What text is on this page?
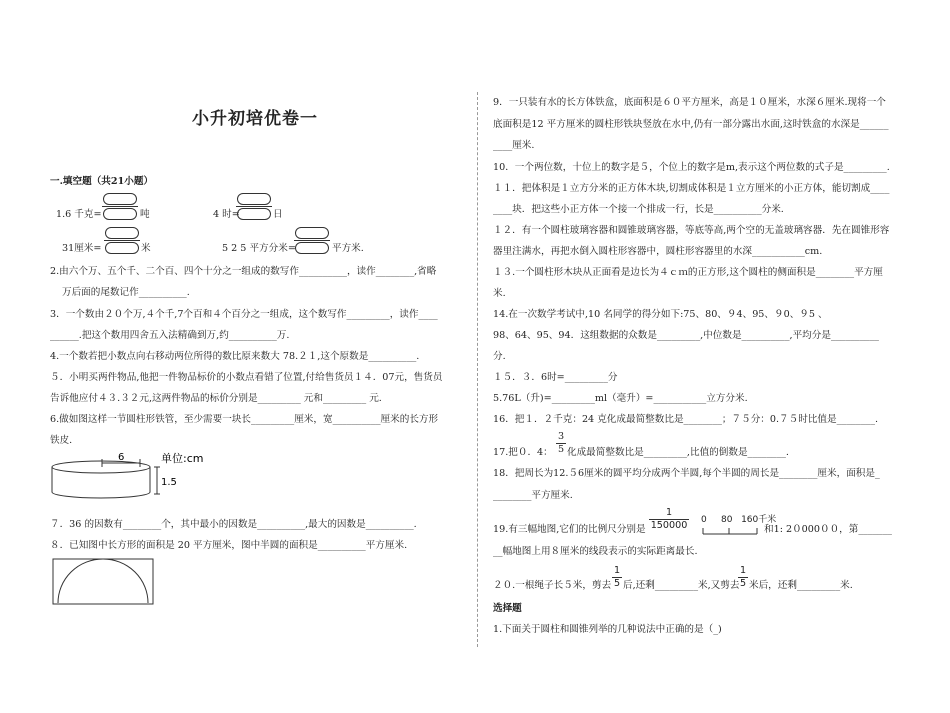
小升初培优卷一
一.填空题（共21小题）
1.6 千克=	吨	4 时=	日
31厘米=	米	5 2 5 平方分米=	平方米.
2.由六个万、五个千、二个百、四个十分之一组成的数写作__________，读作________,省略
万后面的尾数记作__________.
3．一个数由２０个万,４个千,7个百和４个百分之一组成，这个数写作_________，读作____
______.把这个数用四舍五入法精确到万,约__________万.
4.一个数若把小数点向右移动两位所得的数比原来数大 78.２１,这个原数是__________.
５．小明买两件物品,他把一件物品标价的小数点看错了位置,付给售货员１４．07元，售货员
告诉他应付４３.３２元,这两件物品的标价分别是_________ 元和_________ 元.
6.做如图这样一节圆柱形铁管，至少需要一块长_________厘米，宽__________厘米的长方形
铁皮.
6
1.5
单位:cm
７．36 的因数有________个，其中最小的因数是__________,最大的因数是__________.
８．已知图中长方形的面积是 20 平方厘米，图中半圆的面积是__________平方厘米.
9．一只装有水的长方体铁盒，底面积是６０平方厘米，高是１０厘米，水深６厘米.现将一个
底面积是12 平方厘米的圆柱形铁块竖放在水中,仍有一部分露出水面,这时铁盒的水深是______
____厘米.
10．一个两位数，十位上的数字是５，个位上的数字是m,表示这个两位数的式子是_________.
１１．把体积是１立方分米的正方体木块,切割成体积是１立方厘米的小正方体，能切割成____
____块．把这些小正方体一个接一个排成一行，长是__________分米.
１２．有一个圆柱玻璃容器和圆锥玻璃容器，等底等高,两个空的无盖玻璃容器．先在圆锥形容
器里注满水，再把水倒入圆柱形容器中，圆柱形容器里的水深___________cm.
１３.一个圆柱形木块从正面看是边长为４ｃｍ的正方形,这个圆柱的侧面积是________平方厘
米.
14.在一次数学考试中,10 名同学的得分如下:75、80、９4、95、９0、９5 、
98、64、95、94．这组数据的众数是_________,中位数是__________,平均分是__________
分.
１５．３．6时=_________分
5.76L（升)=_________ml（毫升）=___________立方分米.
16．把１．２千克：24 克化成最简整数比是________；７５分：0.７５时比值是________.
17.把０．4：
3
5 化成最简整数比是_________,比值的倒数是________.
18．把周长为12.５6厘米的圆平均分成两个半圆,每个半圆的周长是________厘米，面积是_
________平方厘米.
19.有三幅地图,它们的比例尺分别是
1
150000 0     80   160千米
和1: 2０000００，第_______
__幅地图上用８厘米的线段表示的实际距离最长.
２０.一根绳子长５米，剪去
1
5 后,还剩_________米,又剪去
1
5 米后，还剩_________米.
选择题
1.下面关于圆柱和圆锥列举的几种说法中正确的是（_)
